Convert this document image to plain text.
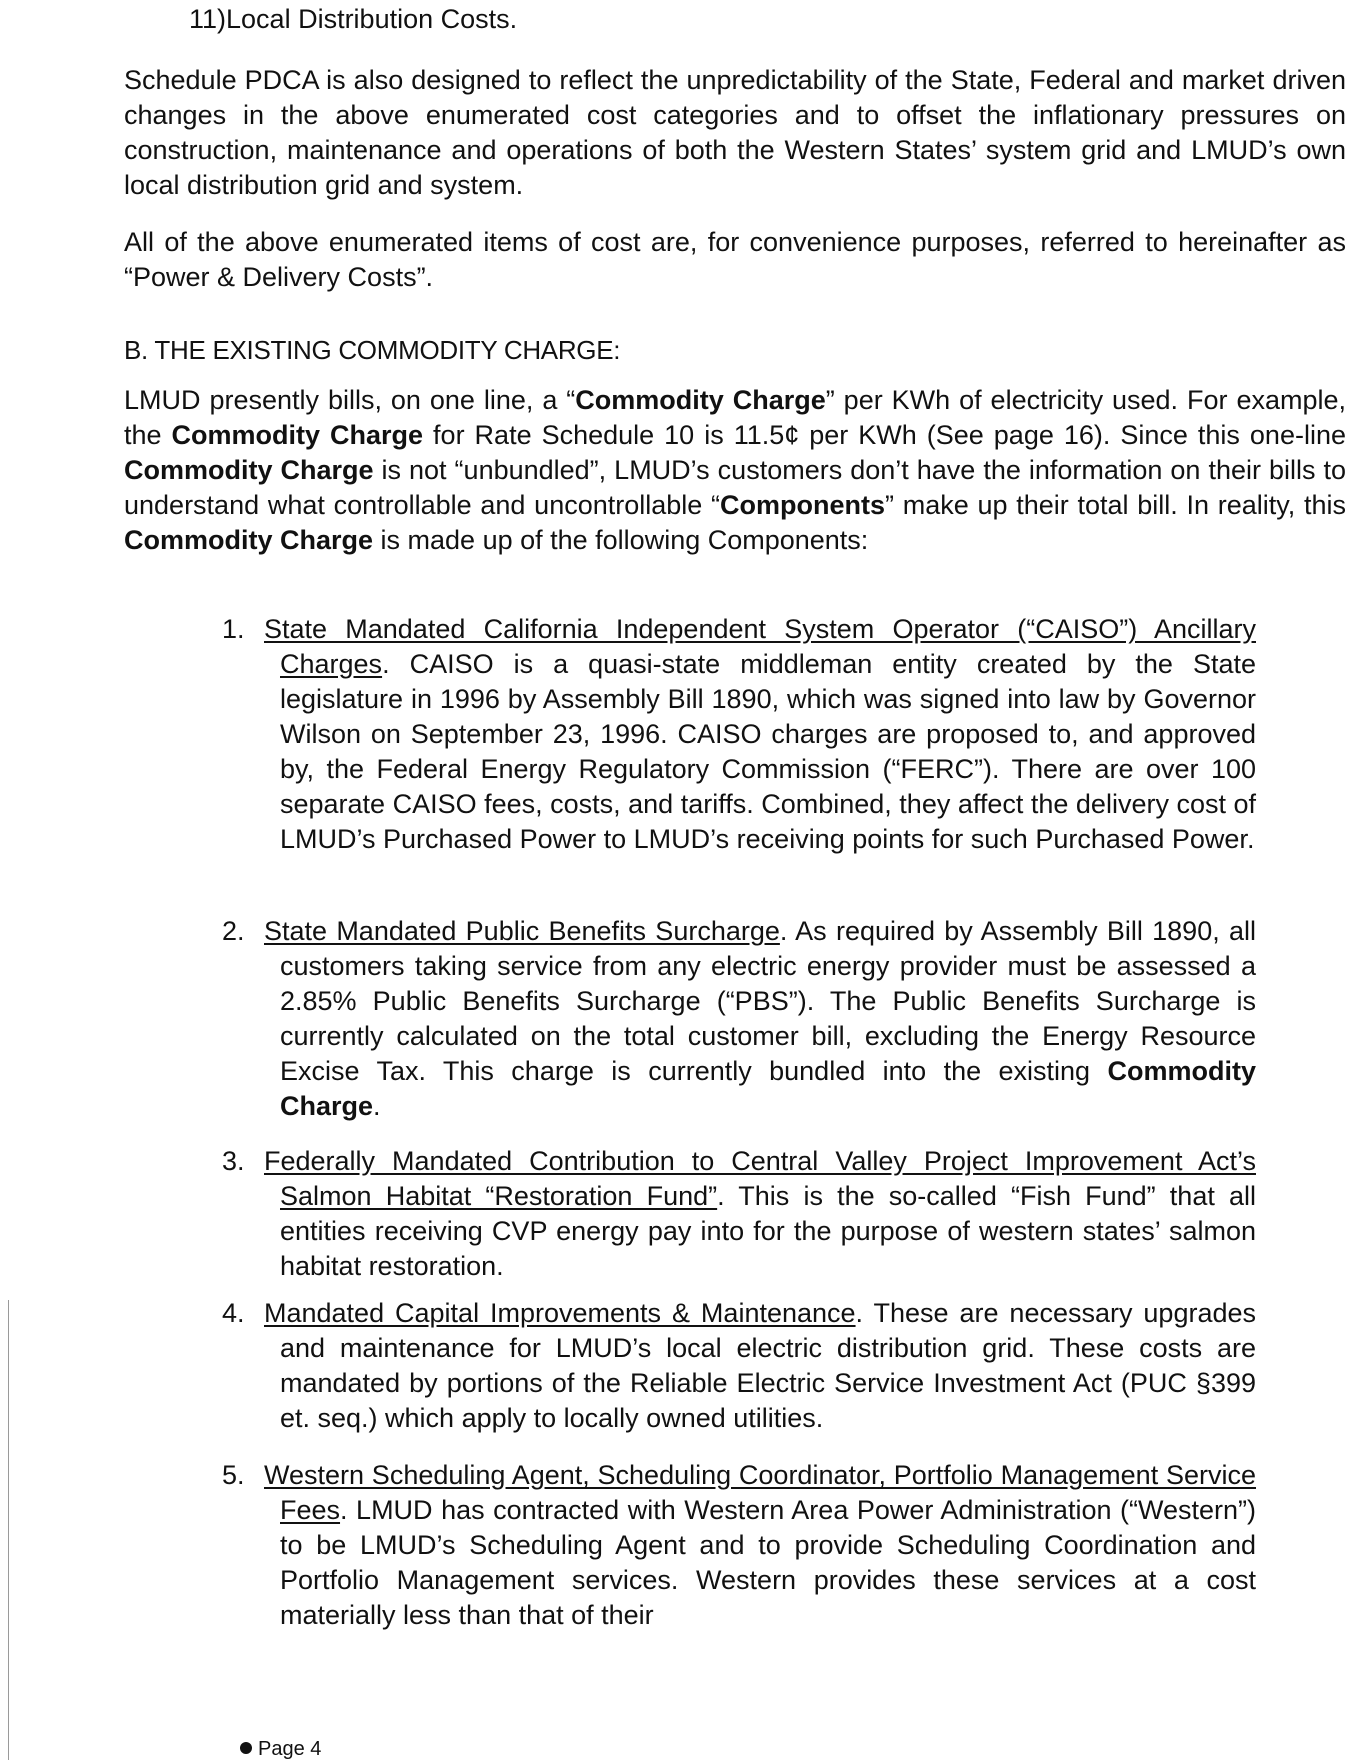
11)Local Distribution Costs.

Schedule PDCA is also designed to reflect the unpredictability of the State, Federal and market driven changes in the above enumerated cost categories and to offset the inflationary pressures on construction, maintenance and operations of both the Western States’ system grid and LMUD’s own local distribution grid and system.

All of the above enumerated items of cost are, for convenience purposes, referred to hereinafter as “Power & Delivery Costs”.

B. THE EXISTING COMMODITY CHARGE:

LMUD presently bills, on one line, a “Commodity Charge” per KWh of electricity used. For example, the Commodity Charge for Rate Schedule 10 is 11.5¢ per KWh (See page 16). Since this one-line Commodity Charge is not “unbundled”, LMUD’s customers don’t have the information on their bills to understand what controllable and uncontrollable “Components” make up their total bill. In reality, this Commodity Charge is made up of the following Components:

1. State Mandated California Independent System Operator (“CAISO”) Ancillary Charges. CAISO is a quasi-state middleman entity created by the State legislature in 1996 by Assembly Bill 1890, which was signed into law by Governor Wilson on September 23, 1996. CAISO charges are proposed to, and approved by, the Federal Energy Regulatory Commission (“FERC”). There are over 100 separate CAISO fees, costs, and tariffs. Combined, they affect the delivery cost of LMUD’s Purchased Power to LMUD’s receiving points for such Purchased Power.
2. State Mandated Public Benefits Surcharge. As required by Assembly Bill 1890, all customers taking service from any electric energy provider must be assessed a 2.85% Public Benefits Surcharge (“PBS”). The Public Benefits Surcharge is currently calculated on the total customer bill, excluding the Energy Resource Excise Tax. This charge is currently bundled into the existing Commodity Charge.
3. Federally Mandated Contribution to Central Valley Project Improvement Act’s Salmon Habitat “Restoration Fund”. This is the so-called “Fish Fund” that all entities receiving CVP energy pay into for the purpose of western states’ salmon habitat restoration.
4. Mandated Capital Improvements & Maintenance. These are necessary upgrades and maintenance for LMUD’s local electric distribution grid. These costs are mandated by portions of the Reliable Electric Service Investment Act (PUC §399 et. seq.) which apply to locally owned utilities.
5. Western Scheduling Agent, Scheduling Coordinator, Portfolio Management Service Fees. LMUD has contracted with Western Area Power Administration (“Western”) to be LMUD’s Scheduling Agent and to provide Scheduling Coordination and Portfolio Management services. Western provides these services at a cost materially less than that of their
Page 4
